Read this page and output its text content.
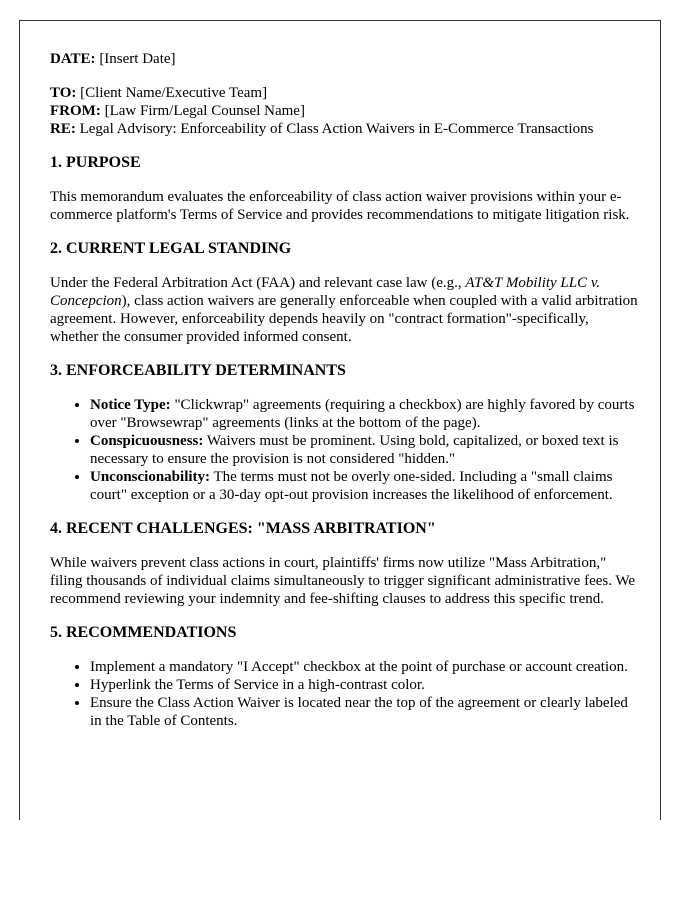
DATE: [Insert Date]

TO: [Client Name/Executive Team]

FROM: [Law Firm/Legal Counsel Name]

RE: Legal Advisory: Enforceability of Class Action Waivers in E-Commerce Transactions

1. PURPOSE

This memorandum evaluates the enforceability of class action waiver provisions within your e-commerce platform's Terms of Service and provides recommendations to mitigate litigation risk.

2. CURRENT LEGAL STANDING

Under the Federal Arbitration Act (FAA) and relevant case law (e.g., AT&T Mobility LLC v. Concepcion), class action waivers are generally enforceable when coupled with a valid arbitration agreement. However, enforceability depends heavily on "contract formation"-specifically, whether the consumer provided informed consent.

3. ENFORCEABILITY DETERMINANTS
• Notice Type: "Clickwrap" agreements (requiring a checkbox) are highly favored by courts over "Browsewrap" agreements (links at the bottom of the page).
• Conspicuousness: Waivers must be prominent. Using bold, capitalized, or boxed text is necessary to ensure the provision is not considered "hidden."
• Unconscionability: The terms must not be overly one-sided. Including a "small claims court" exception or a 30-day opt-out provision increases the likelihood of enforcement.
4. RECENT CHALLENGES: "MASS ARBITRATION"

While waivers prevent class actions in court, plaintiffs' firms now utilize "Mass Arbitration," filing thousands of individual claims simultaneously to trigger significant administrative fees. We recommend reviewing your indemnity and fee-shifting clauses to address this specific trend.

5. RECOMMENDATIONS
• Implement a mandatory "I Accept" checkbox at the point of purchase or account creation.
• Hyperlink the Terms of Service in a high-contrast color.
• Ensure the Class Action Waiver is located near the top of the agreement or clearly labeled in the Table of Contents.
